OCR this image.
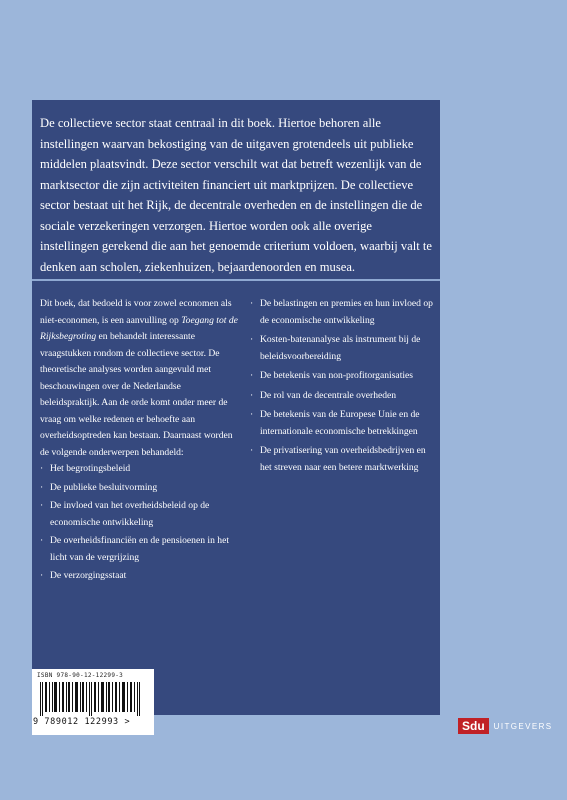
De collectieve sector staat centraal in dit boek. Hiertoe behoren alle instellingen waarvan bekostiging van de uitgaven grotendeels uit publieke middelen plaatsvindt. Deze sector verschilt wat dat betreft wezenlijk van de marktsector die zijn activiteiten financiert uit marktprijzen. De collectieve sector bestaat uit het Rijk, de decentrale overheden en de instellingen die de sociale verzekeringen verzorgen. Hiertoe worden ook alle overige instellingen gerekend die aan het genoemde criterium voldoen, waarbij valt te denken aan scholen, ziekenhuizen, bejaardenoorden en musea.

Dit boek, dat bedoeld is voor zowel economen als niet-economen, is een aanvulling op Toegang tot de Rijksbegroting en behandelt interessante vraagstukken rondom de collectieve sector. De theoretische analyses worden aangevuld met beschouwingen over de Nederlandse beleidspraktijk. Aan de orde komt onder meer de vraag om welke redenen er behoefte aan overheidsoptreden kan bestaan. Daarnaast worden de volgende onderwerpen behandeld:

· Het begrotingsbeleid
· De publieke besluitvorming
· De invloed van het overheidsbeleid op de economische ontwikkeling
· De overheidsfinanciën en de pensioenen in het licht van de vergrijzing
· De verzorgingsstaat
· De belastingen en premies en hun invloed op de economische ontwikkeling
· Kosten-batenanalyse als instrument bij de beleidsvoorbereiding
· De betekenis van non-profitorganisaties
· De rol van de decentrale overheden
· De betekenis van de Europese Unie en de internationale economische betrekkingen
· De privatisering van overheidsbedrijven en het streven naar een betere marktwerking
ISBN 978-90-12-12299-3
9 789012 122993 >	Sdu	UITGEVERS
